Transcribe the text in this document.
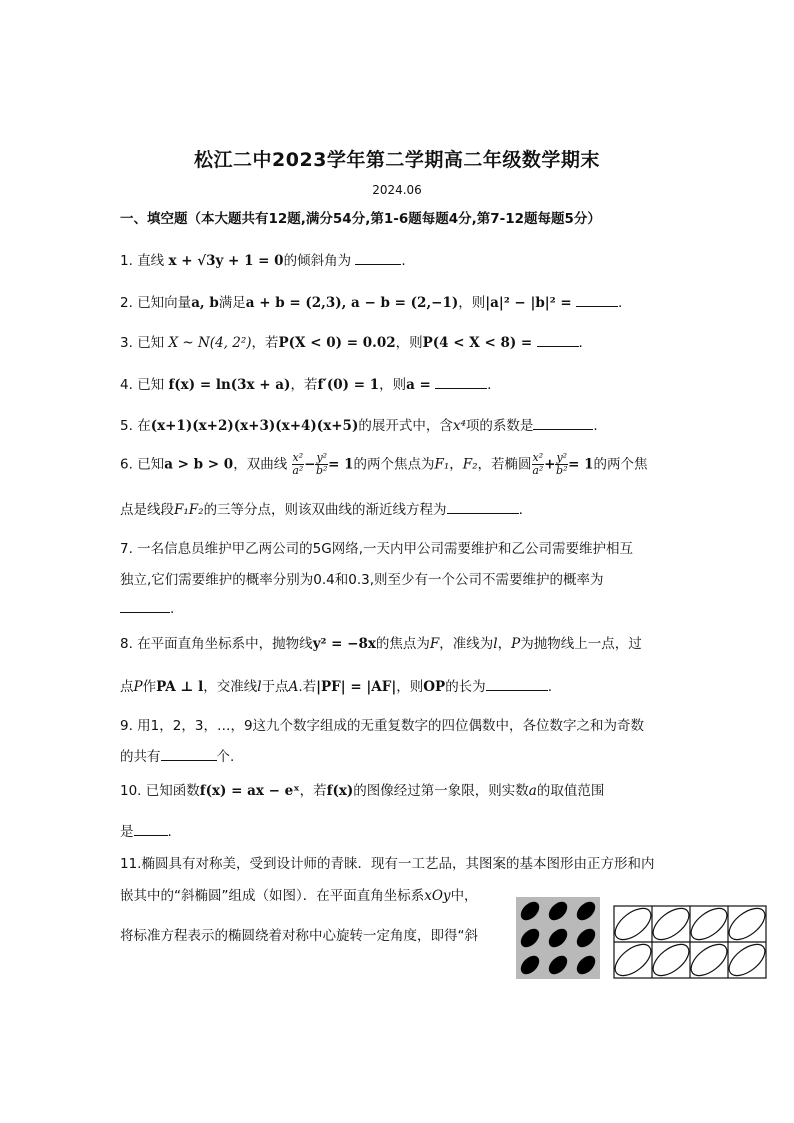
松江二中2023学年第二学期高二年级数学期末
2024.06
一、填空题（本大题共有12题,满分54分,第1-6题每题4分,第7-12题每题5分）
1. 直线 x + √3y + 1 = 0的倾斜角为	.
2. 已知向量a, b满足a + b = (2,3), a − b = (2,−1)，则|a|² − |b|² =	.
3. 已知 X ~ N(4, 2²)，若P(X < 0) = 0.02，则P(4 < X < 8) =	.
4. 已知 f(x) = ln(3x + a)，若f′(0) = 1，则a =	.
5. 在(x+1)(x+2)(x+3)(x+4)(x+5)的展开式中，含x⁴项的系数是	.
6. 已知a > b > 0，双曲线 $\frac{\text{x²}}{\text{a²}} - \frac{\text{y²}}{\text{b²}} = 1$的两个焦点为F₁，F₂，若椭圆 $\frac{\text{x²}}{\text{a²}} + \frac{\text{y²}}{\text{b²}} = 1$的两个焦
点是线段F₁F₂的三等分点，则该双曲线的渐近线方程为	.
7. 一名信息员维护甲乙两公司的5G网络,一天内甲公司需要维护和乙公司需要维护相互
独立,它们需要维护的概率分别为0.4和0.3,则至少有一个公司不需要维护的概率为
.
8. 在平面直角坐标系中，抛物线y² = −8x的焦点为F，准线为l，P为抛物线上一点，过
点P作PA ⊥ l，交准线l于点A.若|PF| = |AF|，则OP的长为	.
9. 用1，2，3，…，9这九个数字组成的无重复数字的四位偶数中，各位数字之和为奇数
的共有	个.
10. 已知函数f(x) = ax − eˣ，若f(x)的图像经过第一象限，则实数a的取值范围
是	.
11.椭圆具有对称美，受到设计师的青睐．现有一工艺品，其图案的基本图形由正方形和内
嵌其中的“斜椭圆”组成（如图）．在平面直角坐标系xOy中，
将标准方程表示的椭圆绕着对称中心旋转一定角度，即得“斜
